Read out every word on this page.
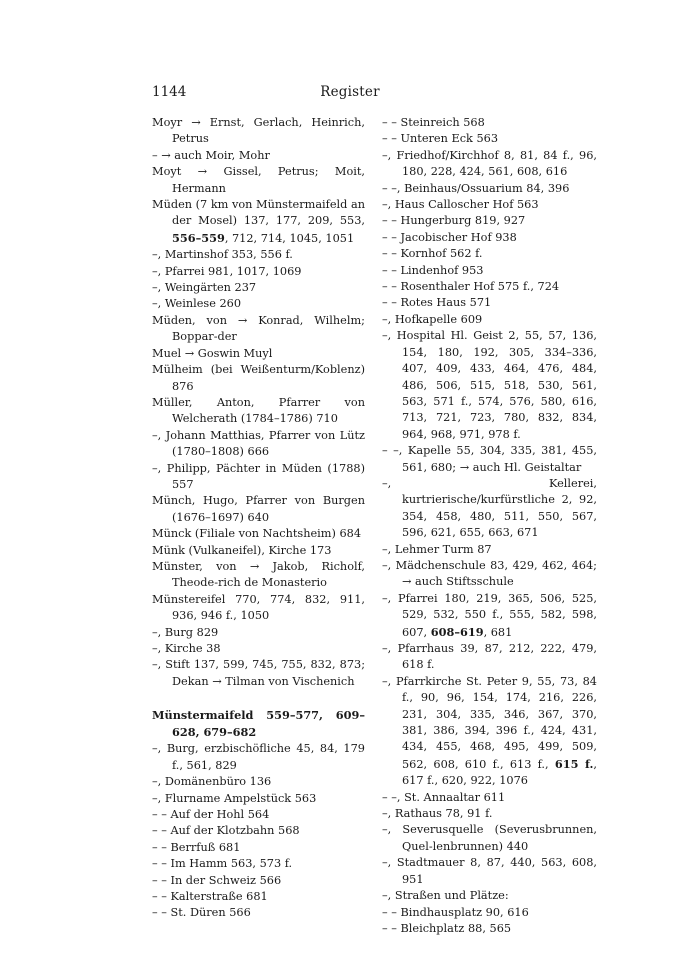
1144	Register
Moyr → Ernst, Gerlach, Heinrich, Petrus
– → auch Moir, Mohr
Moyt → Gissel, Petrus; Moit, Hermann
Müden (7 km von Münstermaifeld an der Mosel) 137, 177, 209, 553, 556–559, 712, 714, 1045, 1051
–, Martinshof 353, 556 f.
–, Pfarrei 981, 1017, 1069
–, Weingärten 237
–, Weinlese 260
Müden, von → Konrad, Wilhelm; Boppar-der
Muel → Goswin Muyl
Mülheim (bei Weißenturm/Koblenz) 876
Müller, Anton, Pfarrer von Welcherath (1784–1786) 710
–, Johann Matthias, Pfarrer von Lütz (1780–1808) 666
–, Philipp, Pächter in Müden (1788) 557
Münch, Hugo, Pfarrer von Burgen (1676–1697) 640
Münck (Filiale von Nachtsheim) 684
Münk (Vulkaneifel), Kirche 173
Münster, von → Jakob, Richolf, Theode-rich de Monasterio
Münstereifel 770, 774, 832, 911, 936, 946 f., 1050
–, Burg 829
–, Kirche 38
–, Stift 137, 599, 745, 755, 832, 873; Dekan → Tilman von Vischenich
Münstermaifeld 559–577, 609–628, 679–682
–, Burg, erzbischöfliche 45, 84, 179 f., 561, 829
–, Domänenbüro 136
–, Flurname Ampelstück 563
– – Auf der Hohl 564
– – Auf der Klotzbahn 568
– – Berrfuß 681
– – Im Hamm 563, 573 f.
– – In der Schweiz 566
– – Kalterstraße 681
– – St. Düren 566
– – Steinreich 568
– – Unteren Eck 563
–, Friedhof/Kirchhof 8, 81, 84 f., 96, 180, 228, 424, 561, 608, 616
– –, Beinhaus/Ossuarium 84, 396
–, Haus Calloscher Hof 563
– – Hungerburg 819, 927
– – Jacobischer Hof 938
– – Kornhof 562 f.
– – Lindenhof 953
– – Rosenthaler Hof 575 f., 724
– – Rotes Haus 571
–, Hofkapelle 609
–, Hospital Hl. Geist 2, 55, 57, 136, 154, 180, 192, 305, 334–336, 407, 409, 433, 464, 476, 484, 486, 506, 515, 518, 530, 561, 563, 571 f., 574, 576, 580, 616, 713, 721, 723, 780, 832, 834, 964, 968, 971, 978 f.
– –, Kapelle 55, 304, 335, 381, 455, 561, 680; → auch Hl. Geistaltar
–, Kellerei, kurtrierische/kurfürstliche 2, 92, 354, 458, 480, 511, 550, 567, 596, 621, 655, 663, 671
–, Lehmer Turm 87
–, Mädchenschule 83, 429, 462, 464; → auch Stiftsschule
–, Pfarrei 180, 219, 365, 506, 525, 529, 532, 550 f., 555, 582, 598, 607, 608–619, 681
–, Pfarrhaus 39, 87, 212, 222, 479, 618 f.
–, Pfarrkirche St. Peter 9, 55, 73, 84 f., 90, 96, 154, 174, 216, 226, 231, 304, 335, 346, 367, 370, 381, 386, 394, 396 f., 424, 431, 434, 455, 468, 495, 499, 509, 562, 608, 610 f., 613 f., 615 f., 617 f., 620, 922, 1076
– –, St. Annaaltar 611
–, Rathaus 78, 91 f.
–, Severusquelle (Severusbrunnen, Quel-lenbrunnen) 440
–, Stadtmauer 8, 87, 440, 563, 608, 951
–, Straßen und Plätze:
– – Bindhausplatz 90, 616
– – Bleichplatz 88, 565
